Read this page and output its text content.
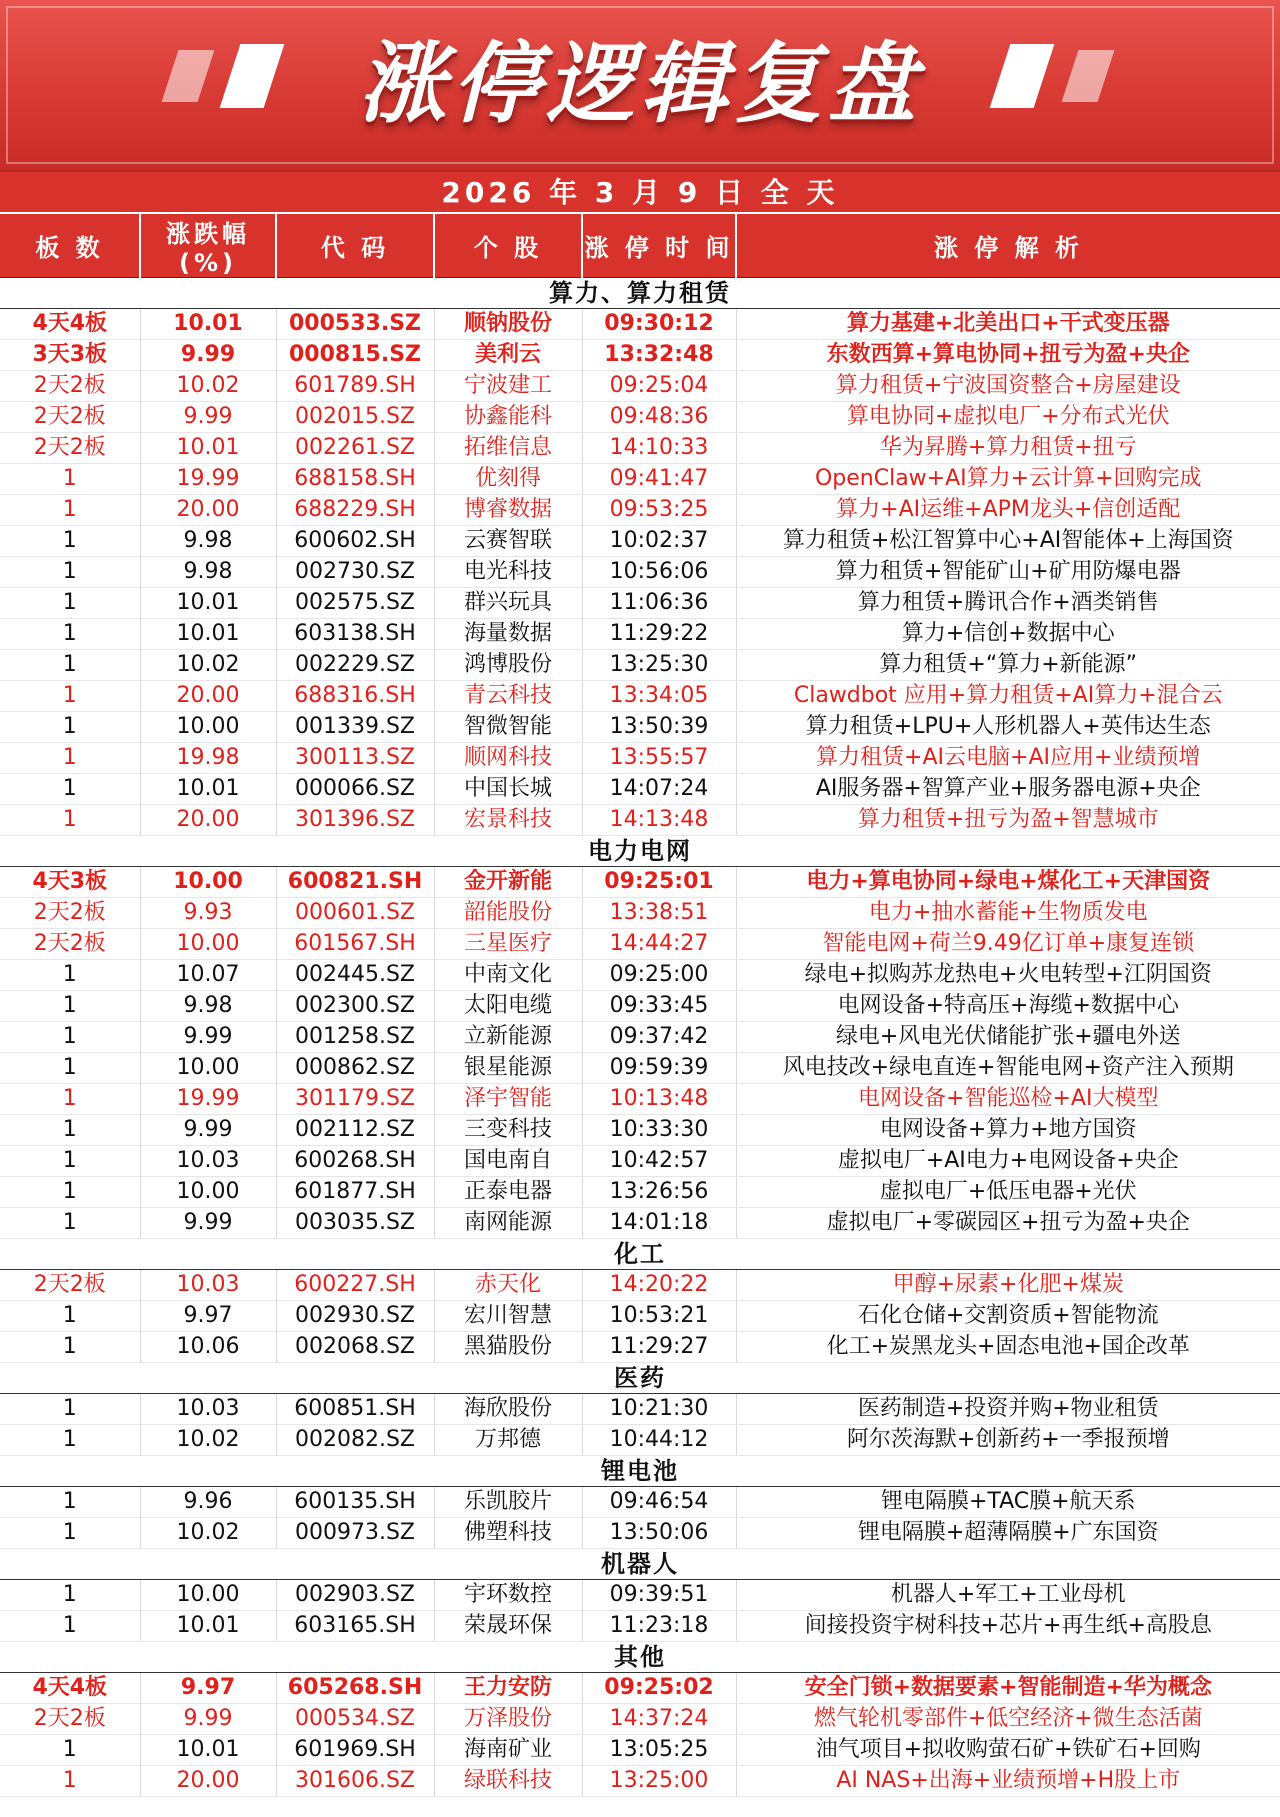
涨停逻辑复盘
2026 年 3 月 9 日 全 天
板 数	涨跌幅(%)	代 码	个 股	涨 停 时 间	涨 停 解 析
算力、算力租赁					
4天4板	10.01	000533.SZ	顺钠股份	09:30:12	算力基建+北美出口+干式变压器
3天3板	9.99	000815.SZ	美利云	13:32:48	东数西算+算电协同+扭亏为盈+央企
2天2板	10.02	601789.SH	宁波建工	09:25:04	算力租赁+宁波国资整合+房屋建设
2天2板	9.99	002015.SZ	协鑫能科	09:48:36	算电协同+虚拟电厂+分布式光伏
2天2板	10.01	002261.SZ	拓维信息	14:10:33	华为昇腾+算力租赁+扭亏
1	19.99	688158.SH	优刻得	09:41:47	OpenClaw+AI算力+云计算+回购完成
1	20.00	688229.SH	博睿数据	09:53:25	算力+AI运维+APM龙头+信创适配
1	9.98	600602.SH	云赛智联	10:02:37	算力租赁+松江智算中心+AI智能体+上海国资
1	9.98	002730.SZ	电光科技	10:56:06	算力租赁+智能矿山+矿用防爆电器
1	10.01	002575.SZ	群兴玩具	11:06:36	算力租赁+腾讯合作+酒类销售
1	10.01	603138.SH	海量数据	11:29:22	算力+信创+数据中心
1	10.02	002229.SZ	鸿博股份	13:25:30	算力租赁+“算力+新能源”
1	20.00	688316.SH	青云科技	13:34:05	Clawdbot 应用+算力租赁+AI算力+混合云
1	10.00	001339.SZ	智微智能	13:50:39	算力租赁+LPU+人形机器人+英伟达生态
1	19.98	300113.SZ	顺网科技	13:55:57	算力租赁+AI云电脑+AI应用+业绩预增
1	10.01	000066.SZ	中国长城	14:07:24	AI服务器+智算产业+服务器电源+央企
1	20.00	301396.SZ	宏景科技	14:13:48	算力租赁+扭亏为盈+智慧城市
电力电网					
4天3板	10.00	600821.SH	金开新能	09:25:01	电力+算电协同+绿电+煤化工+天津国资
2天2板	9.93	000601.SZ	韶能股份	13:38:51	电力+抽水蓄能+生物质发电
2天2板	10.00	601567.SH	三星医疗	14:44:27	智能电网+荷兰9.49亿订单+康复连锁
1	10.07	002445.SZ	中南文化	09:25:00	绿电+拟购苏龙热电+火电转型+江阴国资
1	9.98	002300.SZ	太阳电缆	09:33:45	电网设备+特高压+海缆+数据中心
1	9.99	001258.SZ	立新能源	09:37:42	绿电+风电光伏储能扩张+疆电外送
1	10.00	000862.SZ	银星能源	09:59:39	风电技改+绿电直连+智能电网+资产注入预期
1	19.99	301179.SZ	泽宇智能	10:13:48	电网设备+智能巡检+AI大模型
1	9.99	002112.SZ	三变科技	10:33:30	电网设备+算力+地方国资
1	10.03	600268.SH	国电南自	10:42:57	虚拟电厂+AI电力+电网设备+央企
1	10.00	601877.SH	正泰电器	13:26:56	虚拟电厂+低压电器+光伏
1	9.99	003035.SZ	南网能源	14:01:18	虚拟电厂+零碳园区+扭亏为盈+央企
化工					
2天2板	10.03	600227.SH	赤天化	14:20:22	甲醇+尿素+化肥+煤炭
1	9.97	002930.SZ	宏川智慧	10:53:21	石化仓储+交割资质+智能物流
1	10.06	002068.SZ	黑猫股份	11:29:27	化工+炭黑龙头+固态电池+国企改革
医药					
1	10.03	600851.SH	海欣股份	10:21:30	医药制造+投资并购+物业租赁
1	10.02	002082.SZ	万邦德	10:44:12	阿尔茨海默+创新药+一季报预增
锂电池					
1	9.96	600135.SH	乐凯胶片	09:46:54	锂电隔膜+TAC膜+航天系
1	10.02	000973.SZ	佛塑科技	13:50:06	锂电隔膜+超薄隔膜+广东国资
机器人					
1	10.00	002903.SZ	宇环数控	09:39:51	机器人+军工+工业母机
1	10.01	603165.SH	荣晟环保	11:23:18	间接投资宇树科技+芯片+再生纸+高股息
其他					
4天4板	9.97	605268.SH	王力安防	09:25:02	安全门锁+数据要素+智能制造+华为概念
2天2板	9.99	000534.SZ	万泽股份	14:37:24	燃气轮机零部件+低空经济+微生态活菌
1	10.01	601969.SH	海南矿业	13:05:25	油气项目+拟收购萤石矿+铁矿石+回购
1	20.00	301606.SZ	绿联科技	13:25:00	AI NAS+出海+业绩预增+H股上市
